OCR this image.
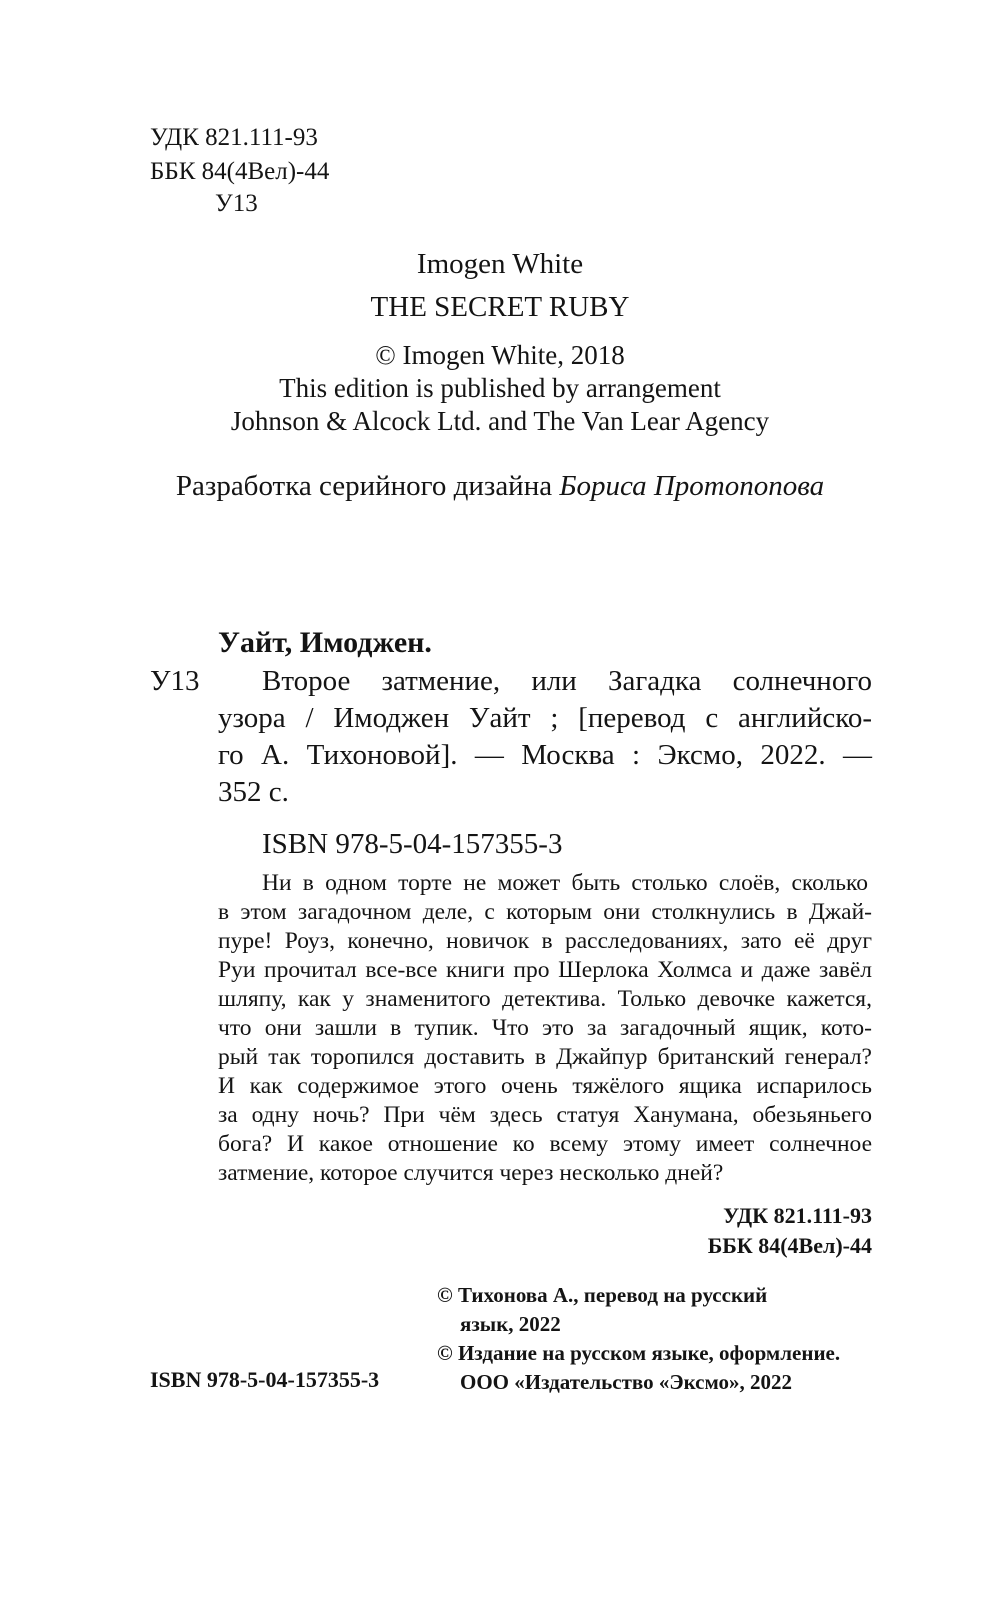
УДК 821.111-93
ББК 84(4Вел)-44
У13
Imogen White
THE SECRET RUBY
© Imogen White, 2018
This edition is published by arrangement
Johnson & Alcock Ltd. and The Van Lear Agency
Разработка серийного дизайна Бориса Протопопова
Уайт, Имоджен.
У13 Второе затмение, или Загадка солнечного
узора / Имоджен Уайт ; [перевод с английско-
го А. Тихоновой]. — Москва : Эксмо, 2022. —
352 с.
ISBN 978-5-04-157355-3
Ни в одном торте не может быть столько слоёв, сколько
в этом загадочном деле, с которым они столкнулись в Джай-
пуре! Роуз, конечно, новичок в расследованиях, зато её друг
Руи прочитал все-все книги про Шерлока Холмса и даже завёл
шляпу, как у знаменитого детектива. Только девочке кажется,
что они зашли в тупик. Что это за загадочный ящик, кото-
рый так торопился доставить в Джайпур британский генерал?
И как содержимое этого очень тяжёлого ящика испарилось
за одну ночь? При чём здесь статуя Ханумана, обезьяньего
бога? И какое отношение ко всему этому имеет солнечное
затмение, которое случится через несколько дней?
УДК 821.111-93
ББК 84(4Вел)-44
© Тихонова А., перевод на русский
язык, 2022
© Издание на русском языке, оформление.
ООО «Издательство «Эксмо», 2022
ISBN 978-5-04-157355-3
